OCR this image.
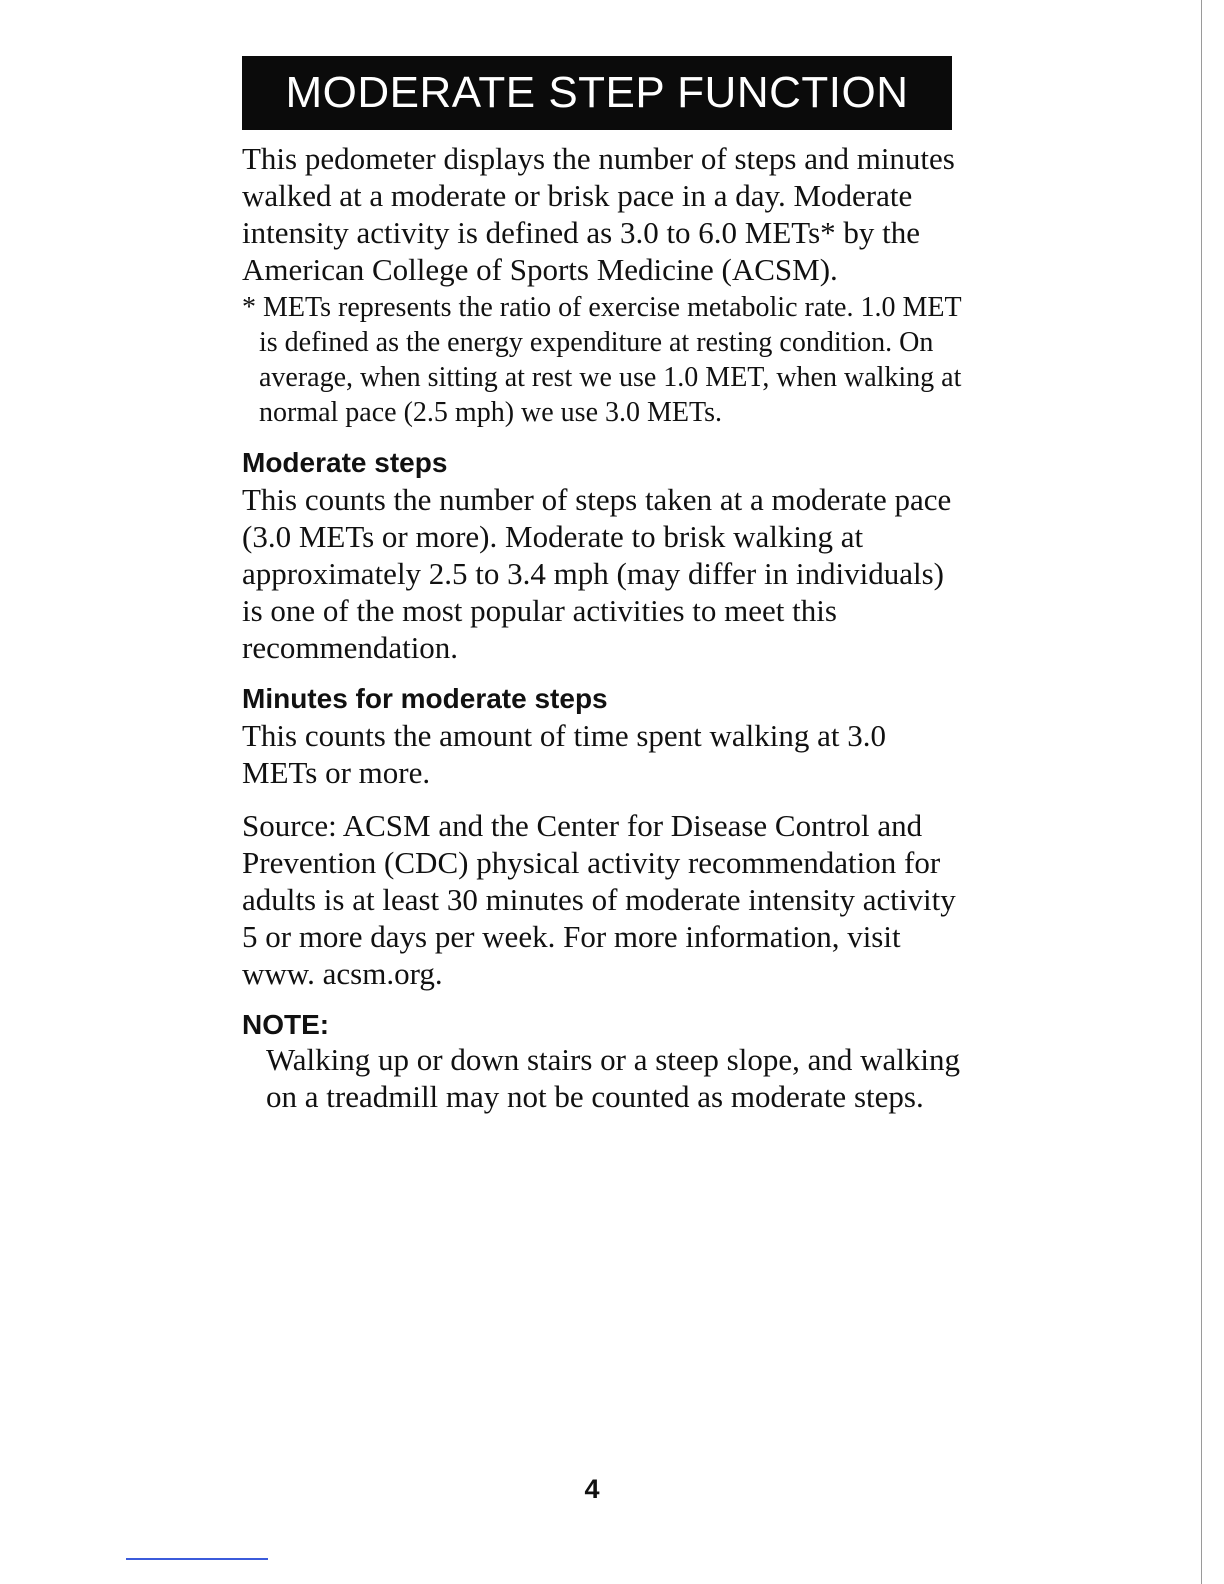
MODERATE STEP FUNCTION

This pedometer displays the number of steps and minutes walked at a moderate or brisk pace in a day. Moderate intensity activity is defined as 3.0 to 6.0 METs* by the American College of Sports Medicine (ACSM).

* METs represents the ratio of exercise metabolic rate. 1.0 MET is defined as the energy expenditure at resting condition. On average, when sitting at rest we use 1.0 MET, when walking at normal pace (2.5 mph) we use 3.0 METs.

Moderate steps

This counts the number of steps taken at a moderate pace (3.0 METs or more). Moderate to brisk walking at approximately 2.5 to 3.4 mph (may differ in individuals) is one of the most popular activities to meet this recommendation.

Minutes for moderate steps

This counts the amount of time spent walking at 3.0 METs or more.

Source: ACSM and the Center for Disease Control and Prevention (CDC) physical activity recommendation for adults is at least 30 minutes of moderate intensity activity 5 or more days per week. For more information, visit www. acsm.org.

NOTE:

Walking up or down stairs or a steep slope, and walking on a treadmill may not be counted as moderate steps.

4
